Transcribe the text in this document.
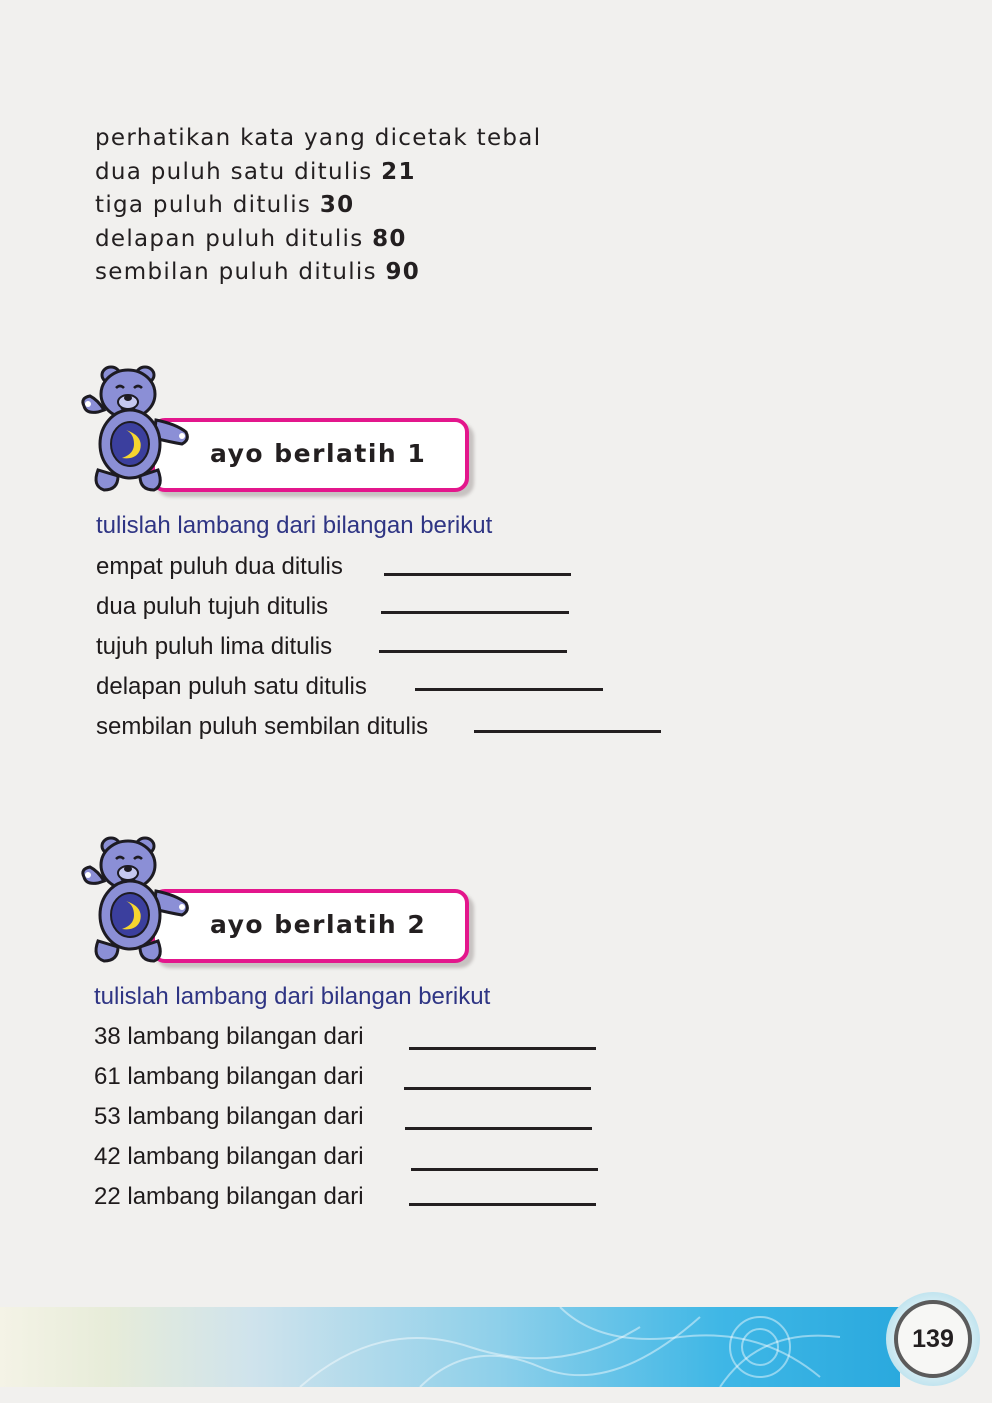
perhatikan kata yang dicetak tebal
dua puluh satu ditulis 21
tiga puluh ditulis 30
delapan puluh ditulis 80
sembilan puluh ditulis 90
ayo berlatih 1
tulislah lambang dari bilangan berikut
empat puluh dua ditulis
dua puluh tujuh ditulis
tujuh puluh lima ditulis
delapan puluh satu ditulis
sembilan puluh sembilan ditulis
ayo berlatih 2
tulislah lambang dari bilangan berikut
38 lambang bilangan dari
61 lambang bilangan dari
53 lambang bilangan dari
42 lambang bilangan dari
22 lambang bilangan dari
139
